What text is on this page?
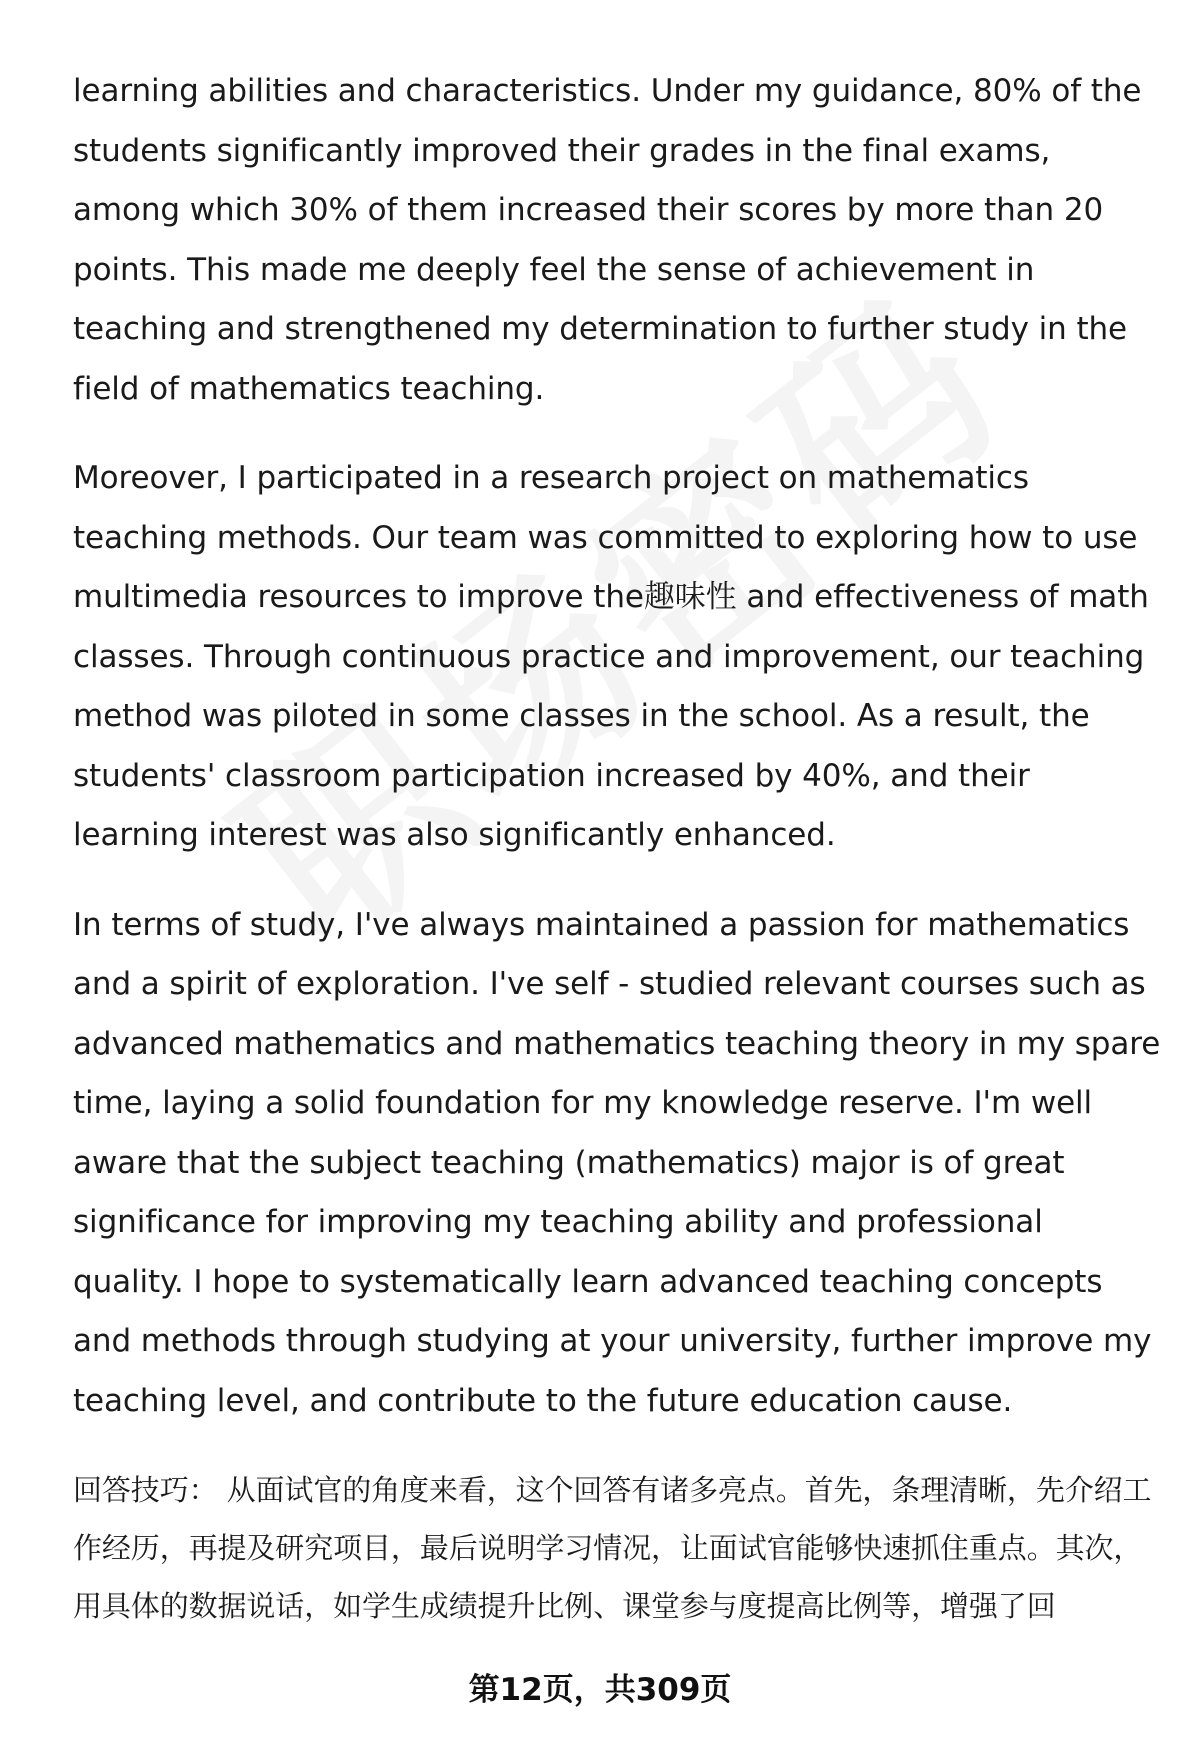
learning abilities and characteristics. Under my guidance, 80% of the students significantly improved their grades in the final exams, among which 30% of them increased their scores by more than 20 points. This made me deeply feel the sense of achievement in teaching and strengthened my determination to further study in the field of mathematics teaching.

Moreover, I participated in a research project on mathematics teaching methods. Our team was committed to exploring how to use multimedia resources to improve the趣味性 and effectiveness of math classes. Through continuous practice and improvement, our teaching method was piloted in some classes in the school. As a result, the students' classroom participation increased by 40%, and their learning interest was also significantly enhanced.

In terms of study, I've always maintained a passion for mathematics and a spirit of exploration. I've self - studied relevant courses such as advanced mathematics and mathematics teaching theory in my spare time, laying a solid foundation for my knowledge reserve. I'm well aware that the subject teaching (mathematics) major is of great significance for improving my teaching ability and professional quality. I hope to systematically learn advanced teaching concepts and methods through studying at your university, further improve my teaching level, and contribute to the future education cause.

回答技巧： 从面试官的角度来看，这个回答有诸多亮点。首先，条理清晰，先介绍工作经历，再提及研究项目，最后说明学习情况，让面试官能够快速抓住重点。其次，用具体的数据说话，如学生成绩提升比例、课堂参与度提高比例等，增强了回

第12页，共309页
